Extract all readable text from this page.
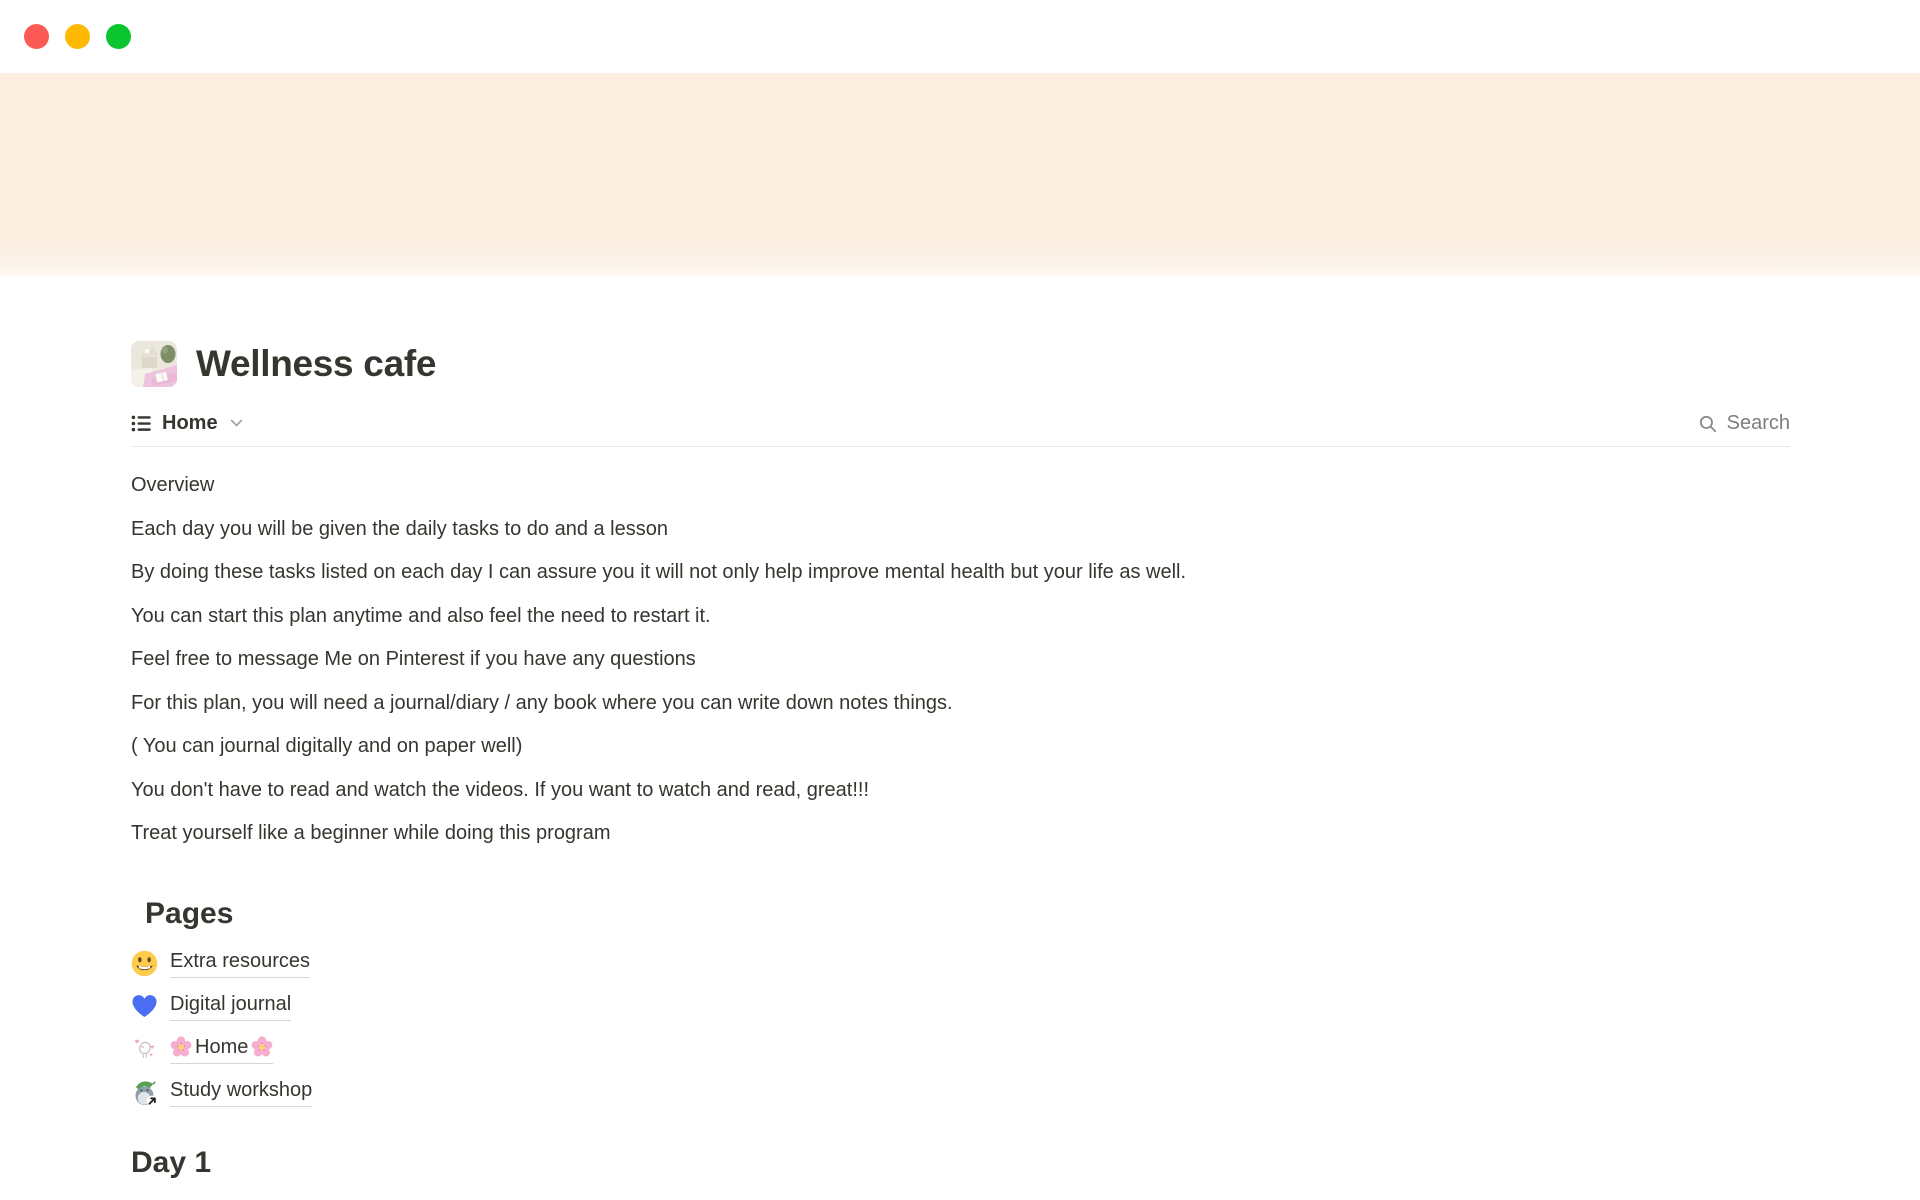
Wellness cafe
Home	Search

Overview

Each day you will be given the daily tasks to do and a lesson

By doing these tasks listed on each day I can assure you it will not only help improve mental health but your life as well.

You can start this plan anytime and also feel the need to restart it.

Feel free to message Me on Pinterest if you have any questions

For this plan, you will need a journal/diary / any book where you can write down notes things.

( You can journal digitally and on paper well)

You don't have to read and watch the videos. If you want to watch and read, great!!!

Treat yourself like a beginner while doing this program

Pages
Extra resources
Digital journal
Home
Study workshop
Day 1
